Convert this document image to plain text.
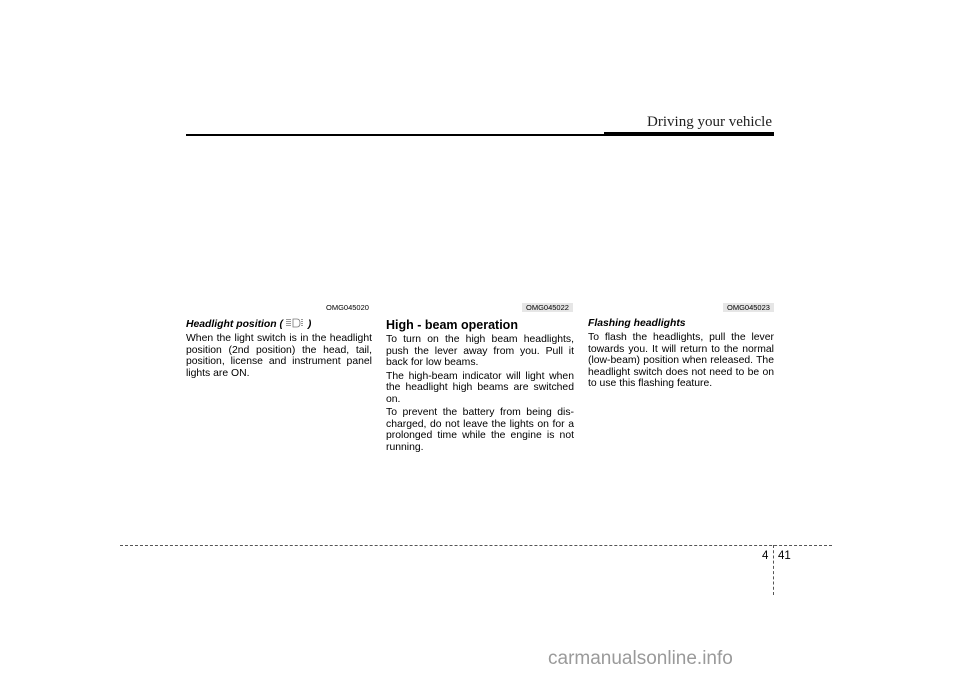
Driving your vehicle
OMG045020

Headlight position ( )

When the light switch is in the headlight position (2nd position) the head, tail, position, license and instrument panel lights are ON.

OMG045022

High - beam operation

To turn on the high beam headlights, push the lever away from you. Pull it back for low beams.

The high-beam indicator will light when the headlight high beams are switched on.

To prevent the battery from being dis-charged, do not leave the lights on for a prolonged time while the engine is not running.

OMG045023

Flashing headlights

To flash the headlights, pull the lever towards you. It will return to the normal (low-beam) position when released. The headlight switch does not need to be on to use this flashing feature.

4 41
carmanualsonline.info
